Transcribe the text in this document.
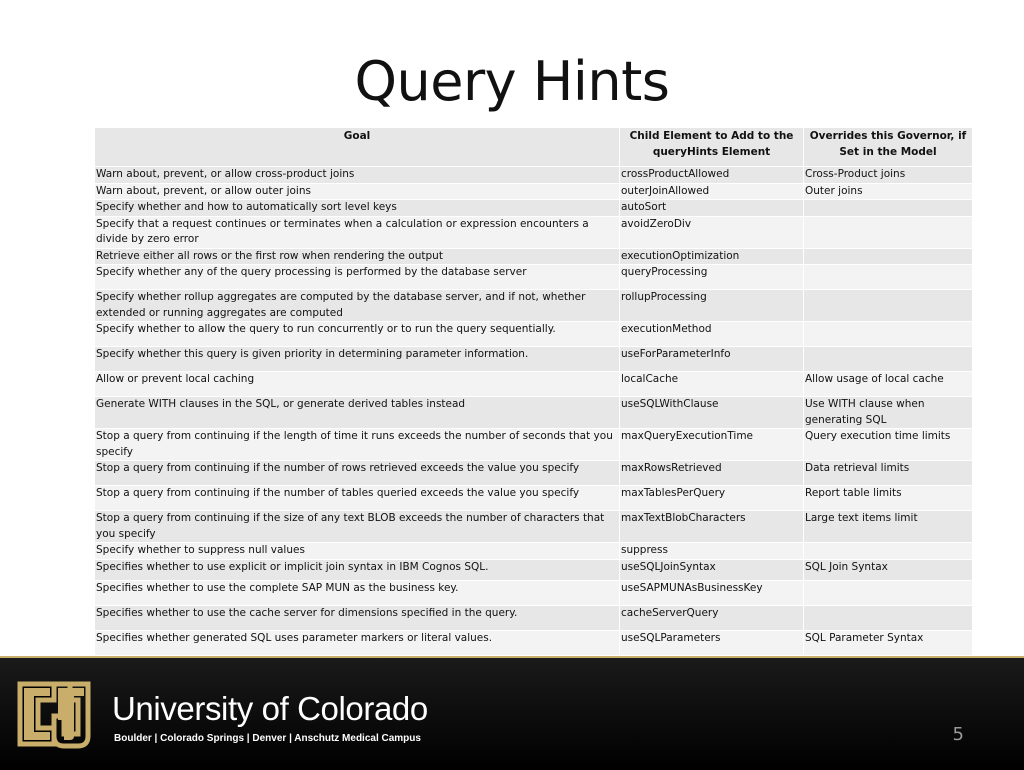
Query Hints
Goal	Child Element to Add to the queryHints Element	Overrides this Governor, if Set in the Model
Warn about, prevent, or allow cross-product joins	crossProductAllowed	Cross-Product joins
Warn about, prevent, or allow outer joins	outerJoinAllowed	Outer joins
Specify whether and how to automatically sort level keys	autoSort	
Specify that a request continues or terminates when a calculation or expression encounters a divide by zero error	avoidZeroDiv	
Retrieve either all rows or the first row when rendering the output	executionOptimization	
Specify whether any of the query processing is performed by the database server	queryProcessing	
Specify whether rollup aggregates are computed by the database server, and if not, whether extended or running aggregates are computed	rollupProcessing	
Specify whether to allow the query to run concurrently or to run the query sequentially.	executionMethod	
Specify whether this query is given priority in determining parameter information.	useForParameterInfo	
Allow or prevent local caching	localCache	Allow usage of local cache
Generate WITH clauses in the SQL, or generate derived tables instead	useSQLWithClause	Use WITH clause when generating SQL
Stop a query from continuing if the length of time it runs exceeds the number of seconds that you specify	maxQueryExecutionTime	Query execution time limits
Stop a query from continuing if the number of rows retrieved exceeds the value you specify	maxRowsRetrieved	Data retrieval limits
Stop a query from continuing if the number of tables queried exceeds the value you specify	maxTablesPerQuery	Report table limits
Stop a query from continuing if the size of any text BLOB exceeds the number of characters that you specify	maxTextBlobCharacters	Large text items limit
Specify whether to suppress null values	suppress	
Specifies whether to use explicit or implicit join syntax in IBM Cognos SQL.	useSQLJoinSyntax	SQL Join Syntax
Specifies whether to use the complete SAP MUN as the business key.	useSAPMUNAsBusinessKey	
Specifies whether to use the cache server for dimensions specified in the query.	cacheServerQuery	
Specifies whether generated SQL uses parameter markers or literal values.	useSQLParameters	SQL Parameter Syntax
University of Colorado
Boulder | Colorado Springs | Denver | Anschutz Medical Campus	5
